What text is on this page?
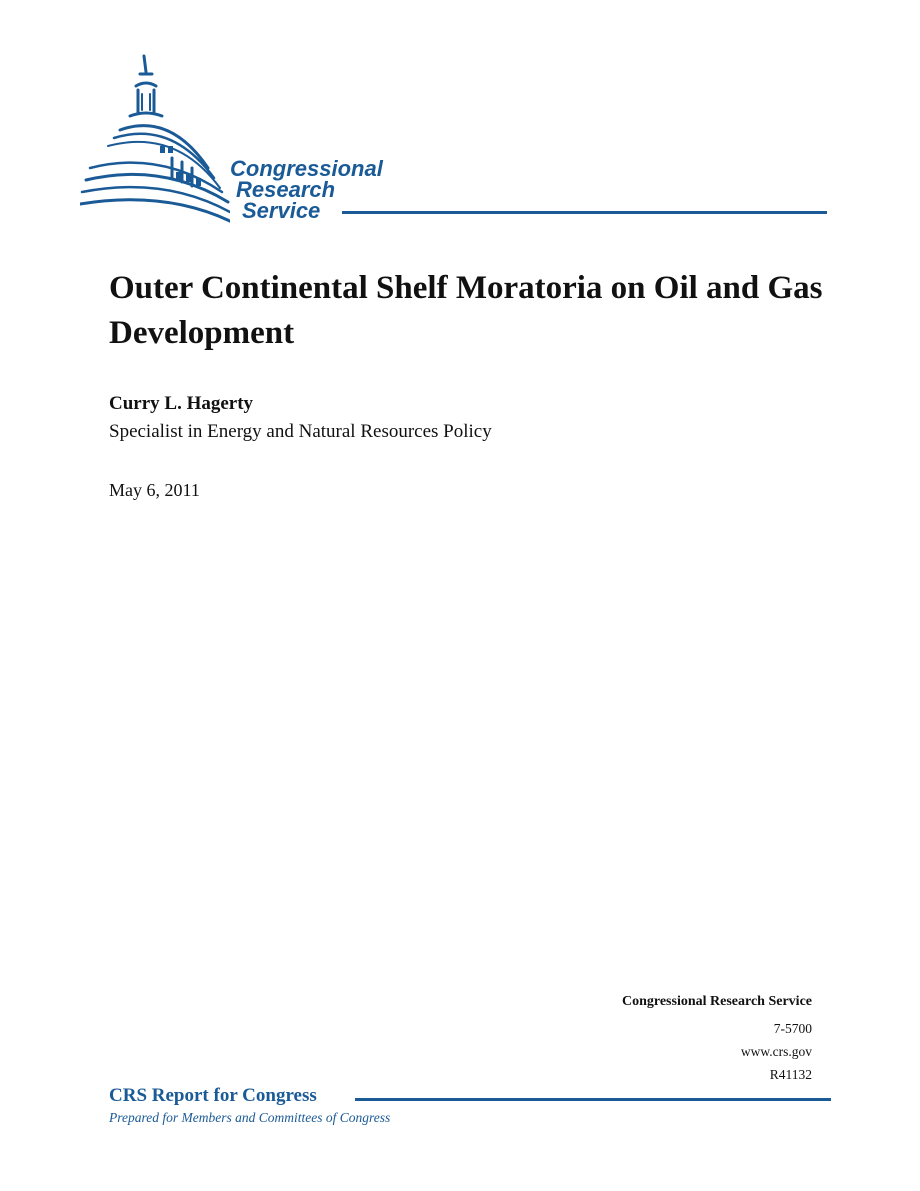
Congressional
Research
Service
Outer Continental Shelf Moratoria on Oil and Gas Development
Curry L. Hagerty
Specialist in Energy and Natural Resources Policy
May 6, 2011
Congressional Research Service
7-5700
www.crs.gov
R41132
CRS Report for Congress
Prepared for Members and Committees of Congress
